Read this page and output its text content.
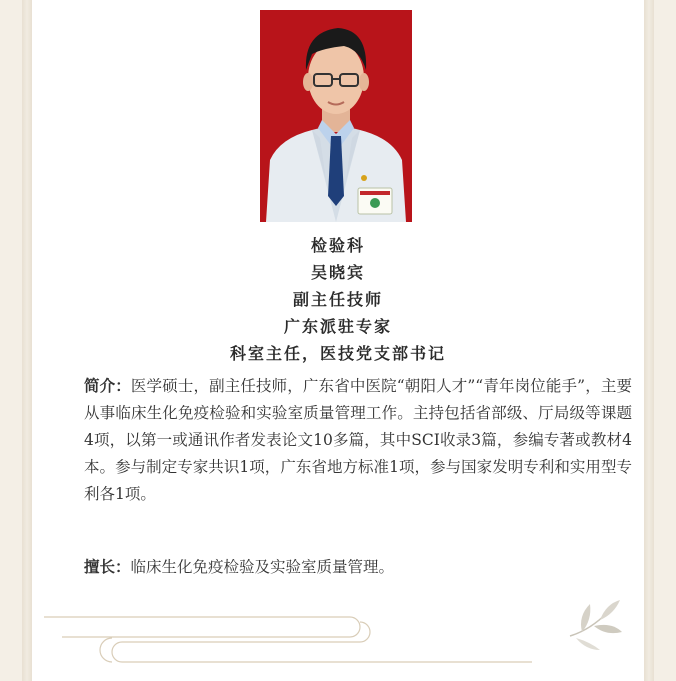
检验科

吴晓宾

副主任技师

广东派驻专家

科室主任，医技党支部书记

简介：医学硕士，副主任技师，广东省中医院“朝阳人才”“青年岗位能手”，主要从事临床生化免疫检验和实验室质量管理工作。主持包括省部级、厅局级等课题4项，以第一或通讯作者发表论文10多篇，其中SCI收录3篇，参编专著或教材4本。参与制定专家共识1项，广东省地方标准1项，参与国家发明专利和实用型专利各1项。

擅长：临床生化免疫检验及实验室质量管理。
